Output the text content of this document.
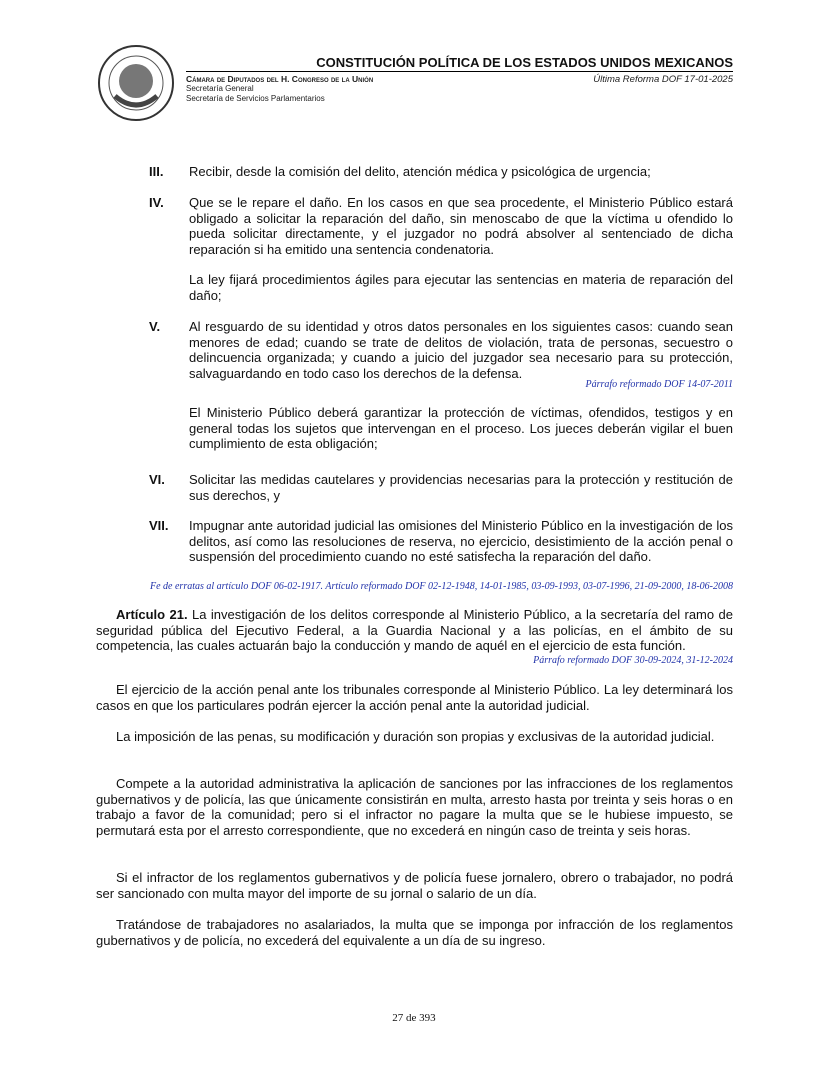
CONSTITUCIÓN POLÍTICA DE LOS ESTADOS UNIDOS MEXICANOS
Cámara de Diputados del H. Congreso de la Unión
Secretaría General
Secretaría de Servicios Parlamentarios
Última Reforma DOF 17-01-2025
III. Recibir, desde la comisión del delito, atención médica y psicológica de urgencia;
IV. Que se le repare el daño. En los casos en que sea procedente, el Ministerio Público estará obligado a solicitar la reparación del daño, sin menoscabo de que la víctima u ofendido lo pueda solicitar directamente, y el juzgador no podrá absolver al sentenciado de dicha reparación si ha emitido una sentencia condenatoria.
La ley fijará procedimientos ágiles para ejecutar las sentencias en materia de reparación del daño;
V. Al resguardo de su identidad y otros datos personales en los siguientes casos: cuando sean menores de edad; cuando se trate de delitos de violación, trata de personas, secuestro o delincuencia organizada; y cuando a juicio del juzgador sea necesario para su protección, salvaguardando en todo caso los derechos de la defensa.
Párrafo reformado DOF 14-07-2011
El Ministerio Público deberá garantizar la protección de víctimas, ofendidos, testigos y en general todas los sujetos que intervengan en el proceso. Los jueces deberán vigilar el buen cumplimiento de esta obligación;
VI. Solicitar las medidas cautelares y providencias necesarias para la protección y restitución de sus derechos, y
VII. Impugnar ante autoridad judicial las omisiones del Ministerio Público en la investigación de los delitos, así como las resoluciones de reserva, no ejercicio, desistimiento de la acción penal o suspensión del procedimiento cuando no esté satisfecha la reparación del daño.
Fe de erratas al artículo DOF 06-02-1917. Artículo reformado DOF 02-12-1948, 14-01-1985, 03-09-1993, 03-07-1996, 21-09-2000, 18-06-2008
Artículo 21. La investigación de los delitos corresponde al Ministerio Público, a la secretaría del ramo de seguridad pública del Ejecutivo Federal, a la Guardia Nacional y a las policías, en el ámbito de su competencia, las cuales actuarán bajo la conducción y mando de aquél en el ejercicio de esta función.
Párrafo reformado DOF 30-09-2024, 31-12-2024
El ejercicio de la acción penal ante los tribunales corresponde al Ministerio Público. La ley determinará los casos en que los particulares podrán ejercer la acción penal ante la autoridad judicial.
La imposición de las penas, su modificación y duración son propias y exclusivas de la autoridad judicial.
Compete a la autoridad administrativa la aplicación de sanciones por las infracciones de los reglamentos gubernativos y de policía, las que únicamente consistirán en multa, arresto hasta por treinta y seis horas o en trabajo a favor de la comunidad; pero si el infractor no pagare la multa que se le hubiese impuesto, se permutará esta por el arresto correspondiente, que no excederá en ningún caso de treinta y seis horas.
Si el infractor de los reglamentos gubernativos y de policía fuese jornalero, obrero o trabajador, no podrá ser sancionado con multa mayor del importe de su jornal o salario de un día.
Tratándose de trabajadores no asalariados, la multa que se imponga por infracción de los reglamentos gubernativos y de policía, no excederá del equivalente a un día de su ingreso.
27 de 393
